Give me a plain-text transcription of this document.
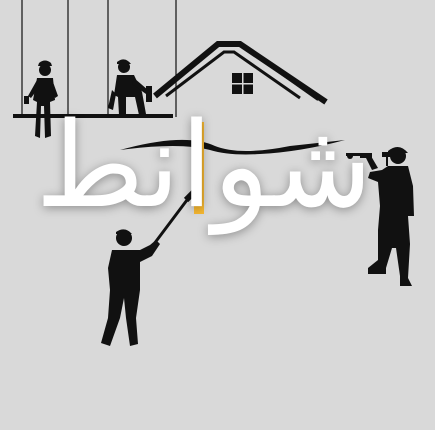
شوانط
